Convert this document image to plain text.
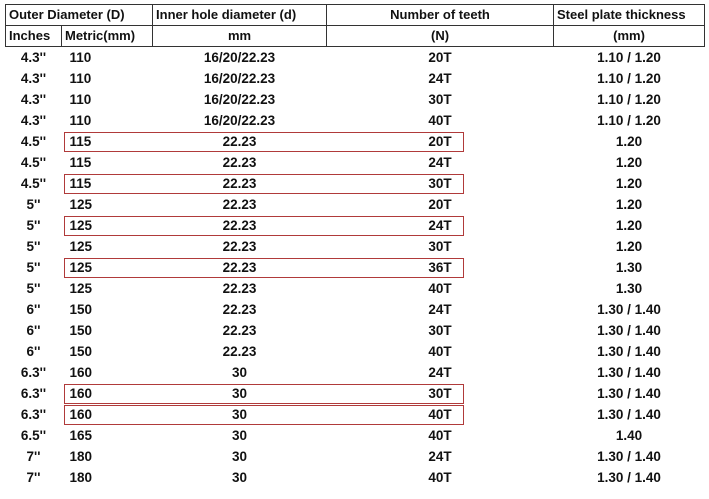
Outer Diameter (D)		Inner hole diameter (d)	Number of teeth	Steel plate thickness
Inches	Metric(mm)	mm	(N)	(mm)
4.3''	110	16/20/22.23	20T	1.10 / 1.20
4.3''	110	16/20/22.23	24T	1.10 / 1.20
4.3''	110	16/20/22.23	30T	1.10 / 1.20
4.3''	110	16/20/22.23	40T	1.10 / 1.20
4.5''	115	22.23	20T	1.20
4.5''	115	22.23	24T	1.20
4.5''	115	22.23	30T	1.20
5''	125	22.23	20T	1.20
5''	125	22.23	24T	1.20
5''	125	22.23	30T	1.20
5''	125	22.23	36T	1.30
5''	125	22.23	40T	1.30
6''	150	22.23	24T	1.30 / 1.40
6''	150	22.23	30T	1.30 / 1.40
6''	150	22.23	40T	1.30 / 1.40
6.3''	160	30	24T	1.30 / 1.40
6.3''	160	30	30T	1.30 / 1.40
6.3''	160	30	40T	1.30 / 1.40
6.5''	165	30	40T	1.40
7''	180	30	24T	1.30 / 1.40
7''	180	30	40T	1.30 / 1.40
